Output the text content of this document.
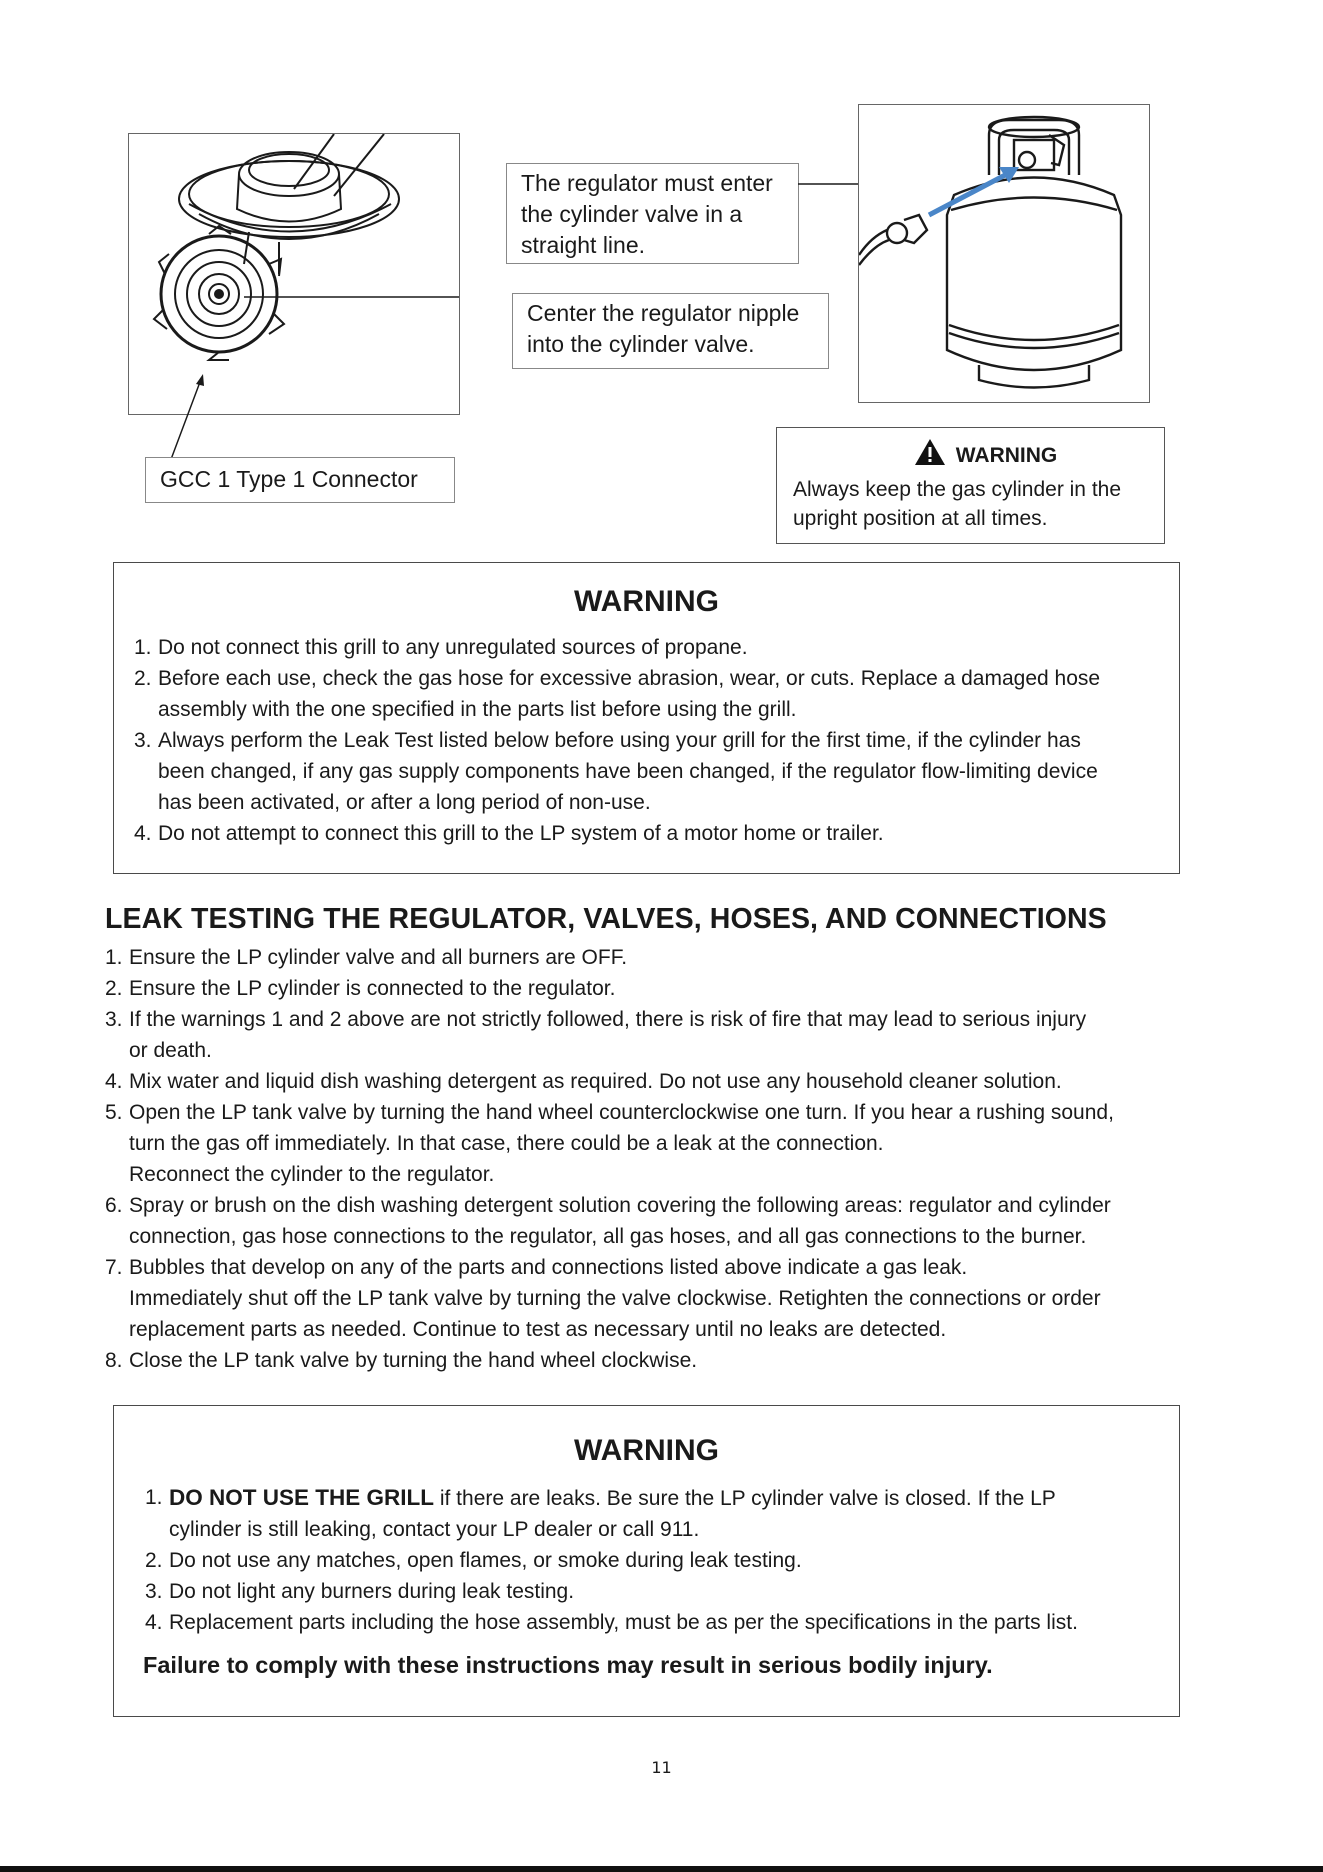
GCC 1 Type 1 Connector
The regulator must enter
the cylinder valve in a
straight line.
Center the regulator nipple
into the cylinder valve.
WARNING
Always keep the gas cylinder in the
upright position at all times.
WARNING
1. Do not connect this grill to any unregulated sources of propane.
2. Before each use, check the gas hose for excessive abrasion, wear, or cuts. Replace a damaged hose
assembly with the one specified in the parts list before using the grill.
3. Always perform the Leak Test listed below before using your grill for the first time, if the cylinder has
been changed, if any gas supply components have been changed, if the regulator flow-limiting device
has been activated, or after a long period of non-use.
4. Do not attempt to connect this grill to the LP system of a motor home or trailer.
LEAK TESTING THE REGULATOR, VALVES, HOSES, AND CONNECTIONS
1. Ensure the LP cylinder valve and all burners are OFF.
2. Ensure the LP cylinder is connected to the regulator.
3. If the warnings 1 and 2 above are not strictly followed, there is risk of fire that may lead to serious injury
or death.
4. Mix water and liquid dish washing detergent as required. Do not use any household cleaner solution.
5. Open the LP tank valve by turning the hand wheel counterclockwise one turn. If you hear a rushing sound,
turn the gas off immediately. In that case, there could be a leak at the connection.
Reconnect the cylinder to the regulator.
6. Spray or brush on the dish washing detergent solution covering the following areas: regulator and cylinder
connection, gas hose connections to the regulator, all gas hoses, and all gas connections to the burner.
7. Bubbles that develop on any of the parts and connections listed above indicate a gas leak.
Immediately shut off the LP tank valve by turning the valve clockwise. Retighten the connections or order
replacement parts as needed. Continue to test as necessary until no leaks are detected.
8. Close the LP tank valve by turning the hand wheel clockwise.
WARNING
1. DO NOT USE THE GRILL if there are leaks. Be sure the LP cylinder valve is closed. If the LP
cylinder is still leaking, contact your LP dealer or call 911.
2. Do not use any matches, open flames, or smoke during leak testing.
3. Do not light any burners during leak testing.
4. Replacement parts including the hose assembly, must be as per the specifications in the parts list.
Failure to comply with these instructions may result in serious bodily injury.
11
